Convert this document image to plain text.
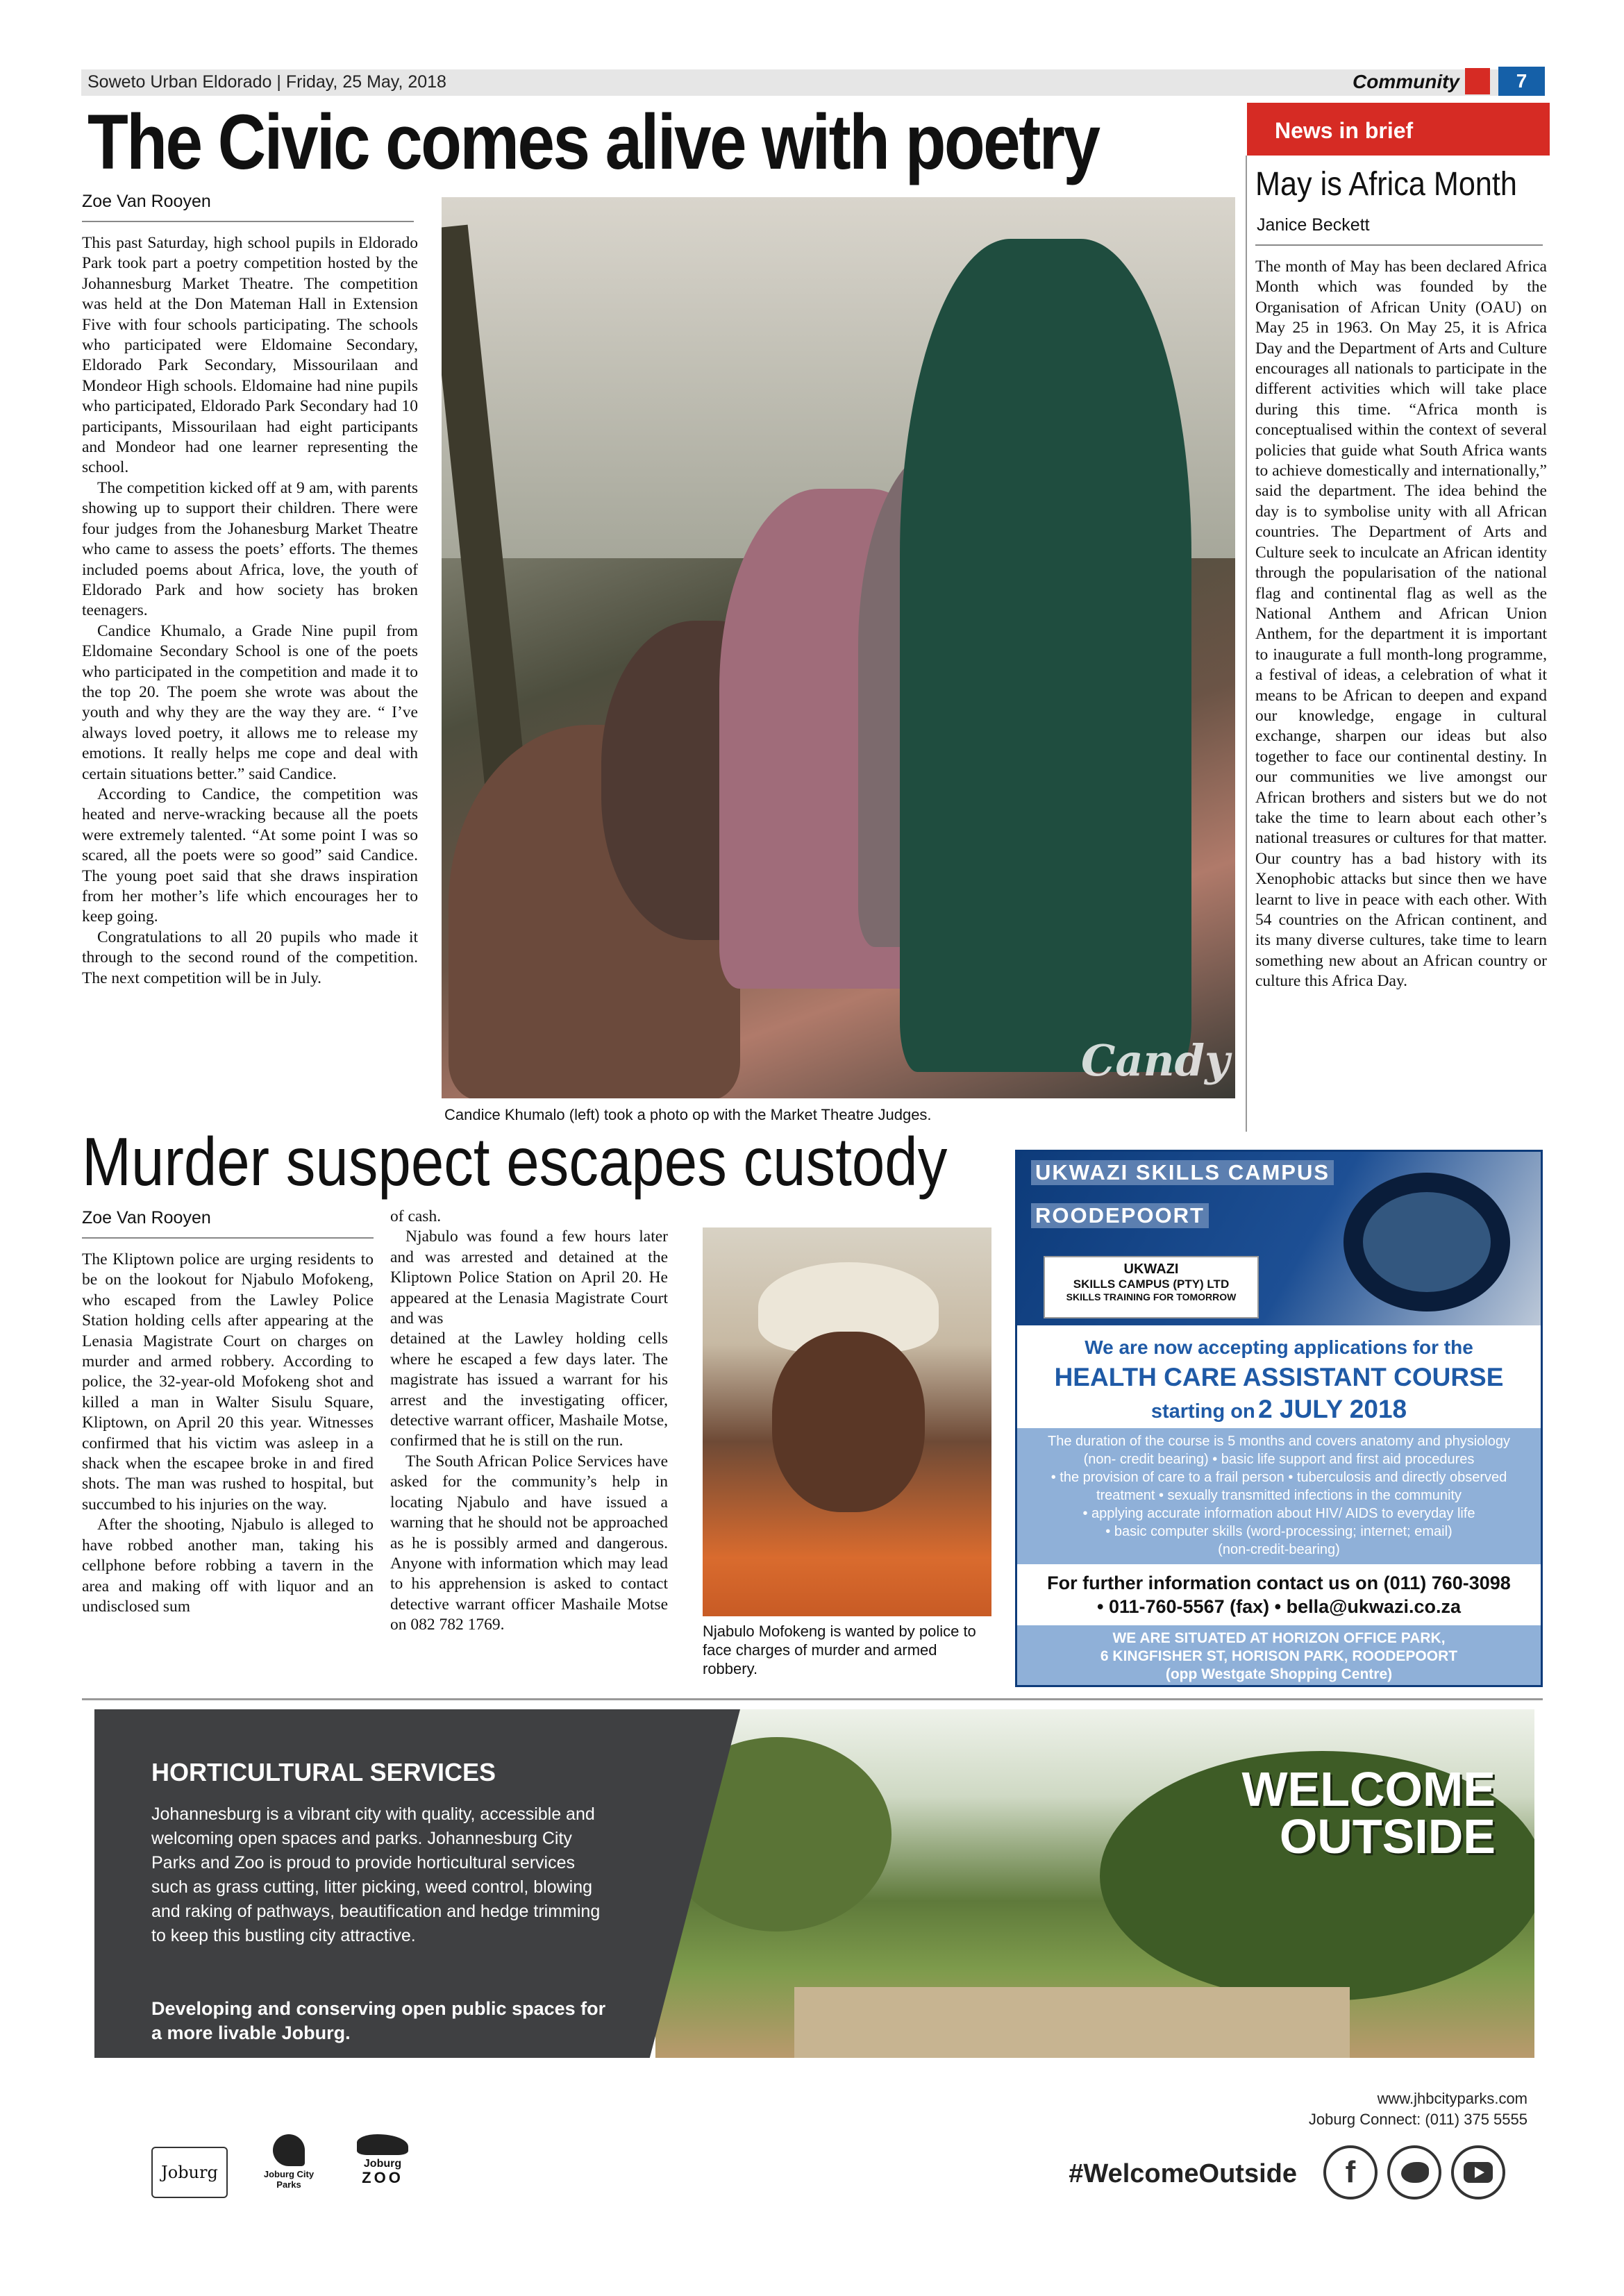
Soweto Urban Eldorado | Friday, 25 May, 2018	Community	7
The Civic comes alive with poetry
Zoe Van Rooyen

This past Saturday, high school pupils in Eldorado Park took part a poetry competition hosted by the Johannesburg Market Theatre. The competition was held at the Don Mateman Hall in Extension Five with four schools participating. The schools who participated were Eldomaine Secondary, Eldorado Park Secondary, Missourilaan and Mondeor High schools. Eldomaine had nine pupils who participated, Eldorado Park Secondary had 10 participants, Missourilaan had eight participants and Mondeor had one learner representing the school.

The competition kicked off at 9 am, with parents showing up to support their children. There were four judges from the Johanesburg Market Theatre who came to assess the poets’ efforts. The themes included poems about Africa, love, the youth of Eldorado Park and how society has broken teenagers.

Candice Khumalo, a Grade Nine pupil from Eldomaine Secondary School is one of the poets who participated in the competition and made it to the top 20. The poem she wrote was about the youth and why they are the way they are. “ I’ve always loved poetry, it allows me to release my emotions. It really helps me cope and deal with certain situations better.” said Candice.

According to Candice, the competition was heated and nerve-wracking because all the poets were extremely talented. “At some point I was so scared, all the poets were so good” said Candice. The young poet said that she draws inspiration from her mother’s life which encourages her to keep going.

Congratulations to all 20 pupils who made it through to the second round of the competition. The next competition will be in July.

Candy
Candice Khumalo (left) took a photo op with the Market Theatre Judges.
News in brief
May is Africa Month
Janice Beckett

The month of May has been declared Africa Month which was founded by the Organisation of African Unity (OAU) on May 25 in 1963. On May 25, it is Africa Day and the Department of Arts and Culture encourages all nationals to participate in the different activities which will take place during this time. “Africa month is conceptualised within the context of several policies that guide what South Africa wants to achieve domestically and internationally,” said the department. The idea behind the day is to symbolise unity with all African countries. The Department of Arts and Culture seek to inculcate an African identity through the popularisation of the national flag and continental flag as well as the National Anthem and African Union Anthem, for the department it is important to inaugurate a full month-long programme, a festival of ideas, a celebration of what it means to be African to deepen and expand our knowledge, engage in cultural exchange, sharpen our ideas but also together to face our continental destiny. In our communities we live amongst our African brothers and sisters but we do not take the time to learn about each other’s national treasures or cultures for that matter. Our country has a bad history with its Xenophobic attacks but since then we have learnt to live in peace with each other. With 54 countries on the African continent, and its many diverse cultures, take time to learn something new about an African country or culture this Africa Day.

Murder suspect escapes custody
Zoe Van Rooyen

The Kliptown police are urging residents to be on the lookout for Njabulo Mofokeng, who escaped from the Lawley Police Station holding cells after appearing at the Lenasia Magistrate Court on charges on murder and armed robbery. According to police, the 32-year-old Mofokeng shot and killed a man in Walter Sisulu Square, Kliptown, on April 20 this year. Witnesses confirmed that his victim was asleep in a shack when the escapee broke in and fired shots. The man was rushed to hospital, but succumbed to his injuries on the way.

After the shooting, Njabulo is alleged to have robbed another man, taking his cellphone before robbing a tavern in the area and making off with liquor and an undisclosed sum

of cash.

Njabulo was found a few hours later and was arrested and detained at the Kliptown Police Station on April 20. He appeared at the Lenasia Magistrate Court and was

detained at the Lawley holding cells where he escaped a few days later. The magistrate has issued a warrant for his arrest and the investigating officer, detective warrant officer, Mashaile Motse, confirmed that he is still on the run.

The South African Police Services have asked for the community’s help in locating Njabulo and have issued a warning that he should not be approached as he is possibly armed and dangerous. Anyone with information which may lead to his apprehension is asked to contact detective warrant officer Mashaile Motse on 082 782 1769.	Njabulo Mofokeng is wanted by police to face charges of murder and armed robbery.
UKWAZI SKILLS CAMPUS
ROODEPOORT
UKWAZI
SKILLS CAMPUS (PTY) LTD
SKILLS TRAINING FOR TOMORROW
We are now accepting applications for the
HEALTH CARE ASSISTANT COURSE
starting on 2 JULY 2018
The duration of the course is 5 months and covers anatomy and physiology
(non- credit bearing) • basic life support and first aid procedures
• the provision of care to a frail person • tuberculosis and directly observed
treatment • sexually transmitted infections in the community
• applying accurate information about HIV/ AIDS to everyday life
• basic computer skills (word-processing; internet; email)
(non-credit-bearing)
For further information contact us on (011) 760-3098
• 011-760-5567 (fax) • bella@ukwazi.co.za
WE ARE SITUATED AT HORIZON OFFICE PARK,
6 KINGFISHER ST, HORISON PARK, ROODEPOORT
(opp Westgate Shopping Centre)
WELCOME
OUTSIDE
HORTICULTURAL SERVICES
Johannesburg is a vibrant city with quality, accessible and welcoming open spaces and parks. Johannesburg City Parks and Zoo is proud to provide horticultural services such as grass cutting, litter picking, weed control, blowing and raking of pathways, beautification and hedge trimming to keep this bustling city attractive.
Developing and conserving open public spaces for a more livable Joburg.
www.jhbcityparks.com
Joburg Connect: (011) 375 5555
Joburg	Joburg City Parks
Joburg
ZOO	#WelcomeOutside	f
